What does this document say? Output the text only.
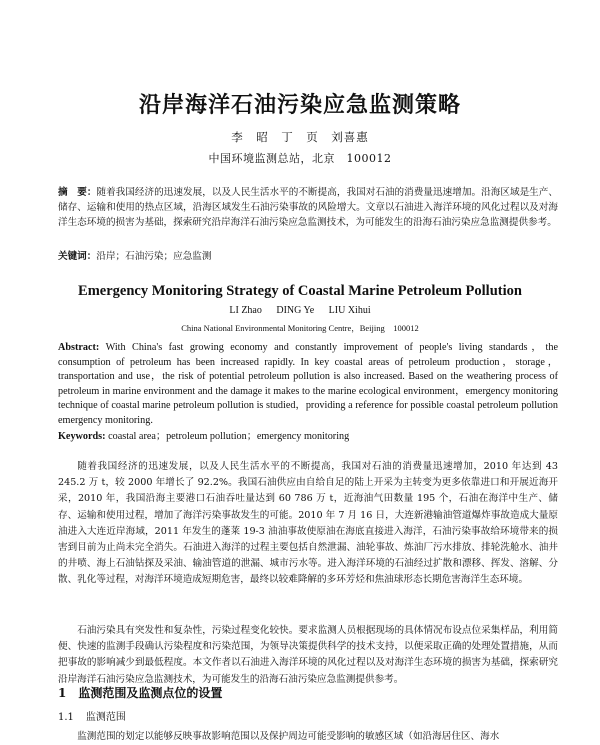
沿岸海洋石油污染应急监测策略
李　昭　丁　页　刘喜惠
中国环境监测总站，北京　100012
摘　要：随着我国经济的迅速发展，以及人民生活水平的不断提高，我国对石油的消费量迅速增加。沿海区域是生产、储存、运输和使用的热点区域，沿海区域发生石油污染事故的风险增大。文章以石油进入海洋环境的风化过程以及对海洋生态环境的损害为基础，探索研究沿岸海洋石油污染应急监测技术，为可能发生的沿海石油污染应急监测提供参考。
关键词：沿岸；石油污染；应急监测
Emergency Monitoring Strategy of Coastal Marine Petroleum Pollution
LI Zhao DING Ye LIU Xihui
China National Environmental Monitoring Centre，Beijing　100012
Abstract: With China's fast growing economy and constantly improvement of people's living standards，the consumption of petroleum has been increased rapidly. In key coastal areas of petroleum production，storage，transportation and use，the risk of potential petroleum pollution is also increased. Based on the weathering process of petroleum in marine environment and the damage it makes to the marine ecological environment，emergency monitoring technique of coastal marine petroleum pollution is studied，providing a reference for possible coastal petroleum pollution emergency monitoring.
Keywords: coastal area；petroleum pollution；emergency monitoring
随着我国经济的迅速发展，以及人民生活水平的不断提高，我国对石油的消费量迅速增加，2010 年达到 43 245.2 万 t，较 2000 年增长了 92.2%。我国石油供应由自给自足的陆上开采为主转变为更多依靠进口和开展近海开采，2010 年，我国沿海主要港口石油吞吐量达到 60 786 万 t，近海油气田数量 195 个，石油在海洋中生产、储存、运输和使用过程，增加了海洋污染事故发生的可能。2010 年 7 月 16 日，大连新港输油管道爆炸事故造成大量原油进入大连近岸海域，2011 年发生的蓬莱 19-3 油油事故使原油在海底直接进入海洋，石油污染事故给环境带来的损害到目前为止尚未完全消失。石油进入海洋的过程主要包括自然泄漏、油轮事故、炼油厂污水排放、排轮洗舱水、油井的井喷、海上石油钻探及采油、输油管道的泄漏、城市污水等。进入海洋环境的石油经过扩散和漂移、挥发、溶解、分散、乳化等过程，对海洋环境造成短期危害，最终以较难降解的多环芳烃和焦油球形态长期危害海洋生态环境。
石油污染具有突发性和复杂性，污染过程变化较快。要求监测人员根据现场的具体情况布设点位采集样品，利用简便、快速的监测手段确认污染程度和污染范围，为领导决策提供科学的技术支持，以便采取正确的处理处置措施，从而把事故的影响减少到最低程度。本文作者以石油进入海洋环境的风化过程以及对海洋生态环境的损害为基础，探索研究沿岸海洋石油污染应急监测技术，为可能发生的沿海石油污染应急监测提供参考。
1　监测范围及监测点位的设置
1.1 监测范围
监测范围的划定以能够反映事故影响范围以及保护周边可能受影响的敏感区域（如沿海居住区、海水
